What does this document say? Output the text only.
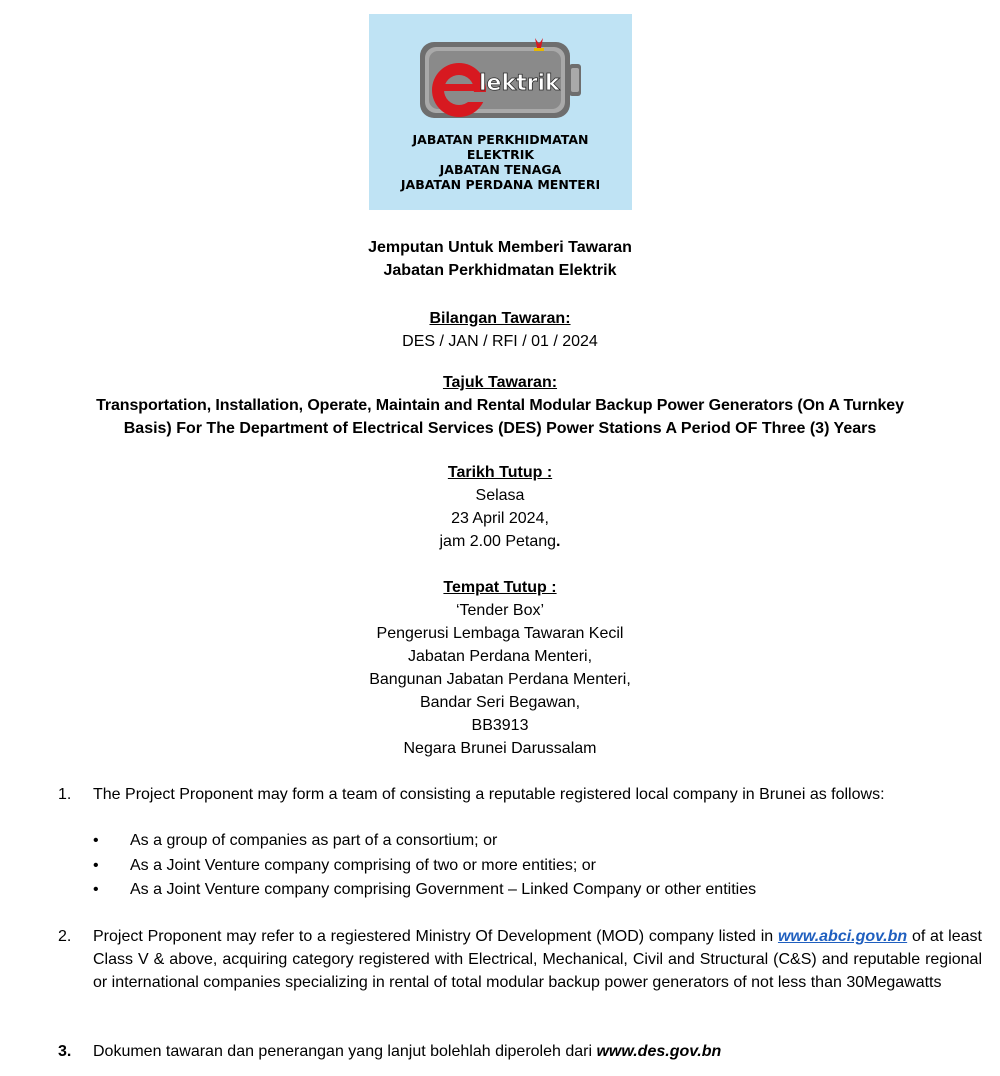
lektrik
JABATAN PERKHIDMATAN
ELEKTRIK
JABATAN TENAGA
JABATAN PERDANA MENTERI
Jemputan Untuk Memberi Tawaran
Jabatan Perkhidmatan Elektrik
Bilangan Tawaran:
DES / JAN / RFI / 01 / 2024
Tajuk Tawaran:
Transportation, Installation, Operate, Maintain and Rental Modular Backup Power Generators (On A Turnkey
Basis) For The Department of Electrical Services (DES) Power Stations A Period OF Three (3) Years
Tarikh Tutup :
Selasa
23 April 2024,
jam 2.00 Petang.
Tempat Tutup :
‘Tender Box’
Pengerusi Lembaga Tawaran Kecil
Jabatan Perdana Menteri,
Bangunan Jabatan Perdana Menteri,
Bandar Seri Begawan,
BB3913
Negara Brunei Darussalam
1.	The Project Proponent may form a team of consisting a reputable registered local company in Brunei as follows:
•	As a group of companies as part of a consortium; or
•	As a Joint Venture company comprising of two or more entities; or
•	As a Joint Venture company comprising Government – Linked Company or other entities
2.	Project Proponent may refer to a regiestered Ministry Of Development (MOD) company listed in www.abci.gov.bn of at least Class V & above, acquiring category registered with Electrical, Mechanical, Civil and Structural (C&S) and reputable regional or international companies specializing in rental of total modular backup power generators of not less than 30Megawatts
3.	Dokumen tawaran dan penerangan yang lanjut bolehlah diperoleh dari www.des.gov.bn
